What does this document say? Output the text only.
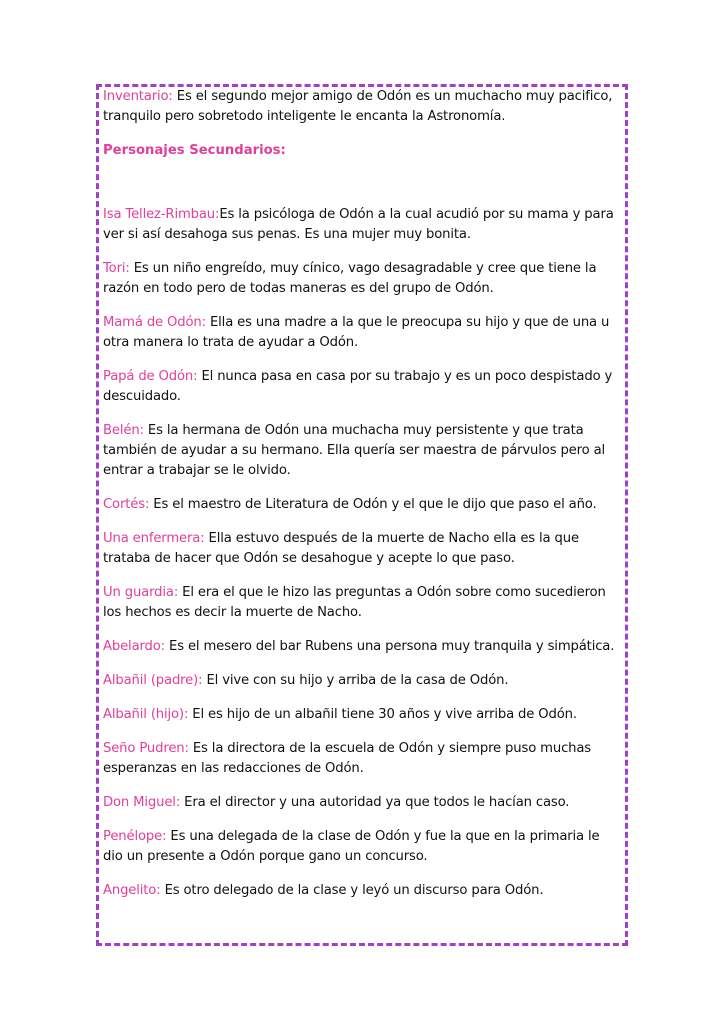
Inventario: Es el segundo mejor amigo de Odón es un muchacho muy pacifico, tranquilo pero sobretodo inteligente le encanta la Astronomía.

Personajes Secundarios:

Isa Tellez-Rimbau:Es la psicóloga de Odón a la cual acudió por su mama y para ver si así desahoga sus penas. Es una mujer muy bonita.

Tori: Es un niño engreído, muy cínico, vago desagradable y cree que tiene la razón en todo pero de todas maneras es del grupo de Odón.

Mamá de Odón: Ella es una madre a la que le preocupa su hijo y que de una u otra manera lo trata de ayudar a Odón.

Papá de Odón: El nunca pasa en casa por su trabajo y es un poco despistado y descuidado.

Belén: Es la hermana de Odón una muchacha muy persistente y que trata también de ayudar a su hermano. Ella quería ser maestra de párvulos pero al entrar a trabajar se le olvido.

Cortés: Es el maestro de Literatura de Odón y el que le dijo que paso el año.

Una enfermera: Ella estuvo después de la muerte de Nacho ella es la que trataba de hacer que Odón se desahogue y acepte lo que paso.

Un guardia: El era el que le hizo las preguntas a Odón sobre como sucedieron los hechos es decir la muerte de Nacho.

Abelardo: Es el mesero del bar Rubens una persona muy tranquila y simpática.

Albañil (padre): El vive con su hijo y arriba de la casa de Odón.

Albañil (hijo): El es hijo de un albañil tiene 30 años y vive arriba de Odón.

Seño Pudren: Es la directora de la escuela de Odón y siempre puso muchas esperanzas en las redacciones de Odón.

Don Miguel: Era el director y una autoridad ya que todos le hacían caso.

Penélope: Es una delegada de la clase de Odón y fue la que en la primaria le dio un presente a Odón porque gano un concurso.

Angelito: Es otro delegado de la clase y leyó un discurso para Odón.
